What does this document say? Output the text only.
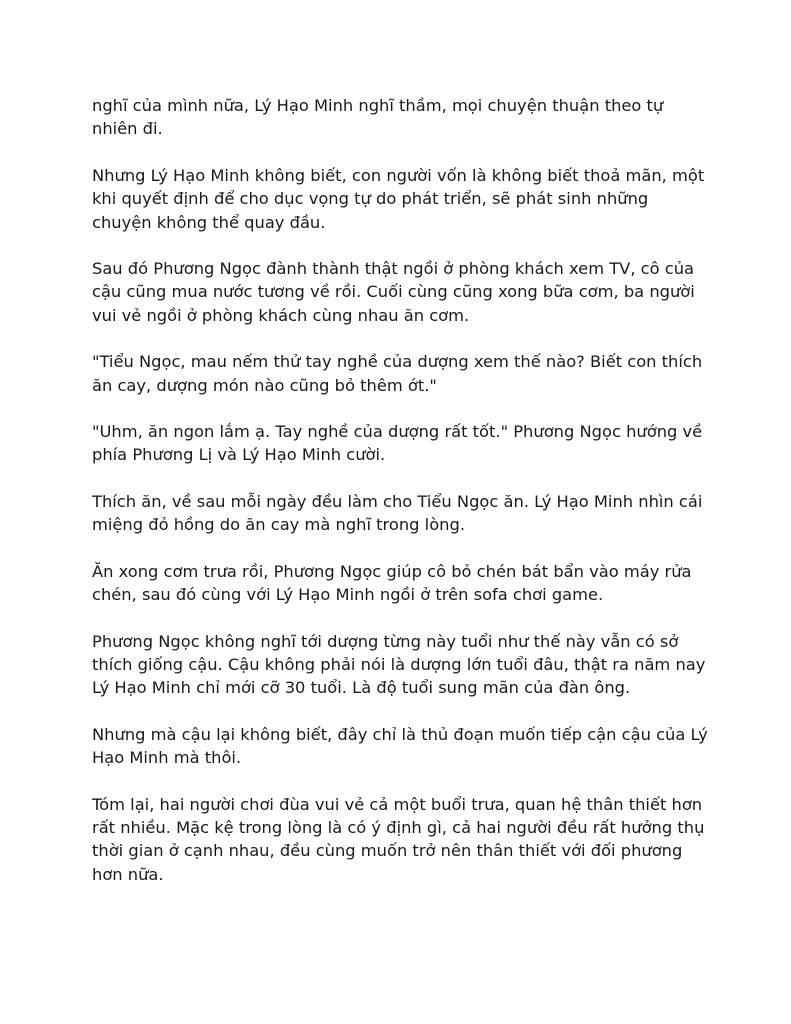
nghĩ của mình nữa, Lý Hạo Minh nghĩ thầm, mọi chuyện thuận theo tự nhiên đi.

Nhưng Lý Hạo Minh không biết, con người vốn là không biết thoả mãn, một khi quyết định để cho dục vọng tự do phát triển, sẽ phát sinh những chuyện không thể quay đầu.

Sau đó Phương Ngọc đành thành thật ngồi ở phòng khách xem TV, cô của cậu cũng mua nước tương về rồi. Cuối cùng cũng xong bữa cơm, ba người vui vẻ ngồi ở phòng khách cùng nhau ăn cơm.

"Tiểu Ngọc, mau nếm thử tay nghề của dượng xem thế nào? Biết con thích ăn cay, dượng món nào cũng bỏ thêm ớt."

"Uhm, ăn ngon lắm ạ. Tay nghề của dượng rất tốt." Phương Ngọc hướng về phía Phương Lị và Lý Hạo Minh cười.

Thích ăn, về sau mỗi ngày đều làm cho Tiểu Ngọc ăn. Lý Hạo Minh nhìn cái miệng đỏ hồng do ăn cay mà nghĩ trong lòng.

Ăn xong cơm trưa rồi, Phương Ngọc giúp cô bỏ chén bát bẩn vào máy rửa chén, sau đó cùng với Lý Hạo Minh ngồi ở trên sofa chơi game.

Phương Ngọc không nghĩ tới dượng từng này tuổi như thế này vẫn có sở thích giống cậu. Cậu không phải nói là dượng lớn tuổi đâu, thật ra năm nay Lý Hạo Minh chỉ mới cỡ 30 tuổi. Là độ tuổi sung mãn của đàn ông.

Nhưng mà cậu lại không biết, đây chỉ là thủ đoạn muốn tiếp cận cậu của Lý Hạo Minh mà thôi.

Tóm lại, hai người chơi đùa vui vẻ cả một buổi trưa, quan hệ thân thiết hơn rất nhiều. Mặc kệ trong lòng là có ý định gì, cả hai người đều rất hưởng thụ thời gian ở cạnh nhau, đều cùng muốn trở nên thân thiết với đối phương hơn nữa.
